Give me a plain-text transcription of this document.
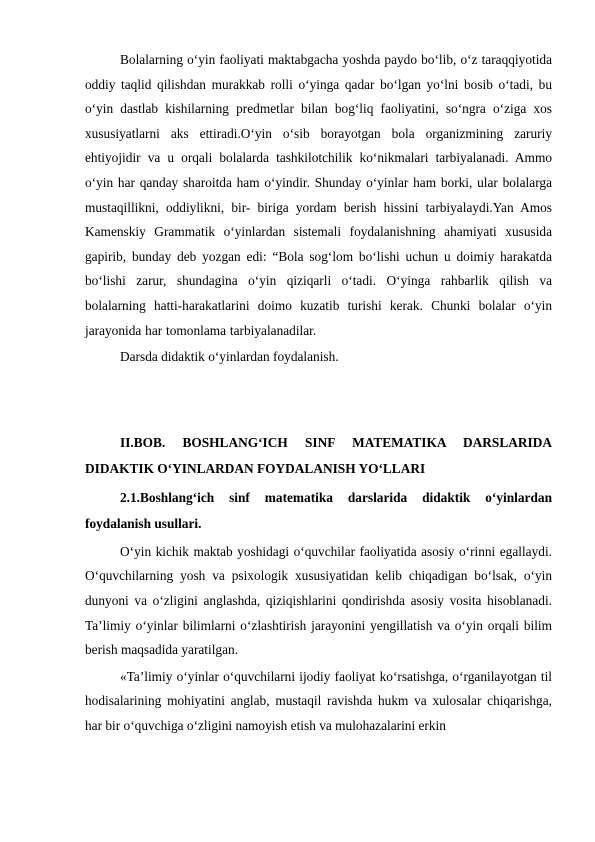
Bolalarning o‘yin faoliyati maktabgacha yoshda paydo bo‘lib, o‘z taraqqiyotida oddiy taqlid qilishdan murakkab rolli o‘yinga qadar bo‘lgan yo‘lni bosib o‘tadi, bu o‘yin dastlab kishilarning predmetlar bilan bog‘liq faoliyatini, so‘ngra o‘ziga xos xususiyatlarni aks ettiradi.O‘yin o‘sib borayotgan bola organizmining zaruriy ehtiyojidir va u orqali bolalarda tashkilotchilik ko‘nikmalari tarbiyalanadi. Ammo o‘yin har qanday sharoitda ham o‘yindir. Shunday o‘yinlar ham borki, ular bolalarga mustaqillikni, oddiylikni, bir- biriga yordam berish hissini tarbiyalaydi.Yan Amos Kamenskiy Grammatik o‘yinlardan sistemali foydalanishning ahamiyati xususida gapirib, bunday deb yozgan edi: “Bola sog‘lom bo‘lishi uchun u doimiy harakatda bo‘lishi zarur, shundagina o‘yin qiziqarli o‘tadi. O‘yinga rahbarlik qilish va bolalarning hatti-harakatlarini doimo kuzatib turishi kerak. Chunki bolalar o‘yin jarayonida har tomonlama tarbiyalanadilar.

Darsda didaktik o‘yinlardan foydalanish.

II.BOB. BOSHLANG‘ICH SINF MATEMATIKA DARSLARIDA DIDAKTIK O‘YINLARDAN FOYDALANISH YO‘LLARI

2.1.Boshlang‘ich sinf matematika darslarida didaktik o‘yinlardan foydalanish usullari.

O‘yin kichik maktab yoshidagi o‘quvchilar faoliyatida asosiy o‘rinni egallaydi. O‘quvchilarning yosh va psixologik xususiyatidan kelib chiqadigan bo‘lsak, o‘yin dunyoni va o‘zligini anglashda, qiziqishlarini qondirishda asosiy vosita hisoblanadi. Ta’limiy o‘yinlar bilimlarni o‘zlashtirish jarayonini yengillatish va o‘yin orqali bilim berish maqsadida yaratilgan.

«Ta’limiy o‘yinlar o‘quvchilarni ijodiy faoliyat ko‘rsatishga, o‘rganilayotgan til hodisalarining mohiyatini anglab, mustaqil ravishda hukm va xulosalar chiqarishga, har bir o‘quvchiga o‘zligini namoyish etish va mulohazalarini erkin
